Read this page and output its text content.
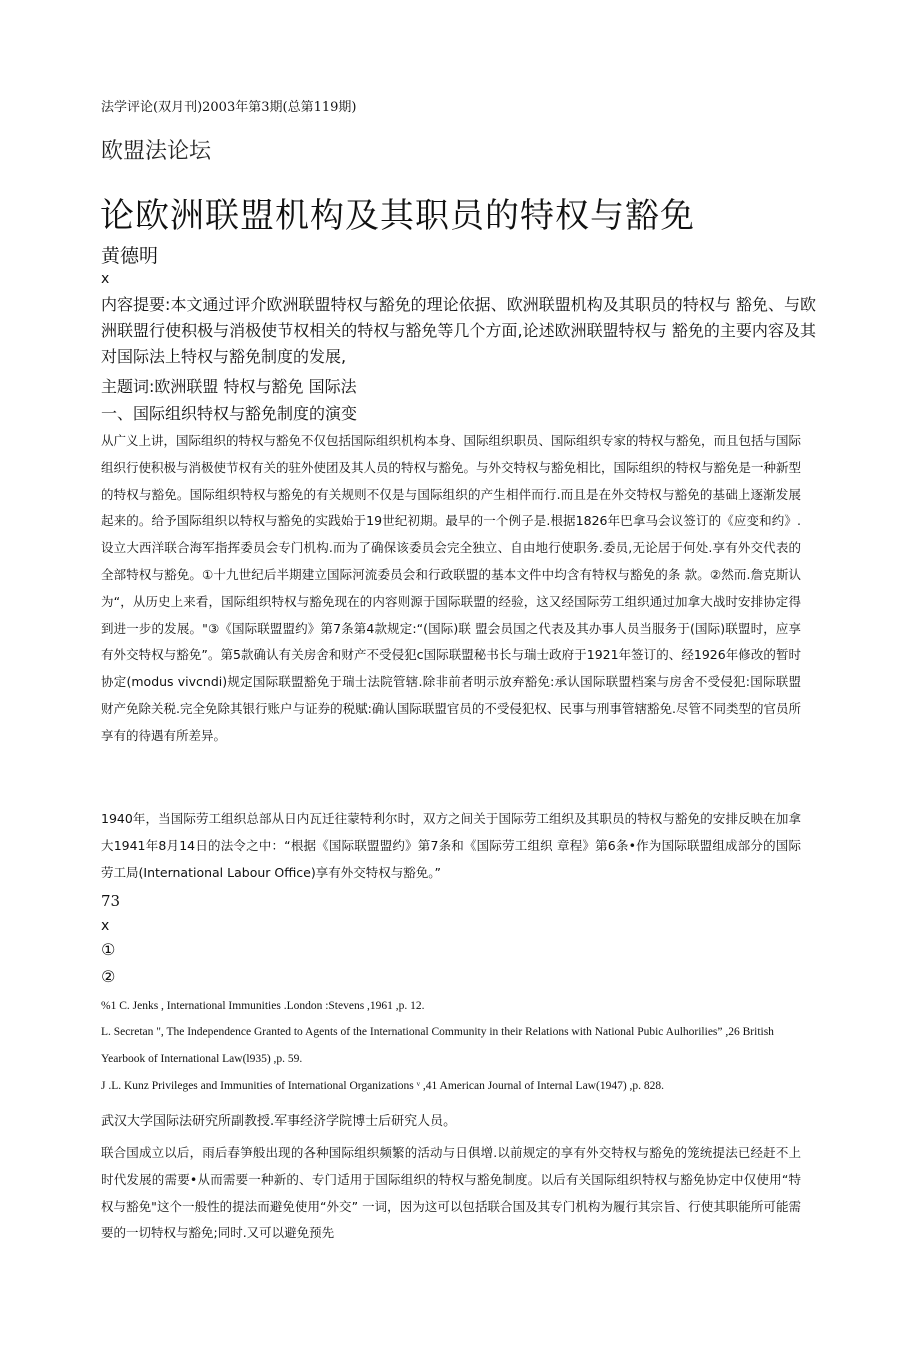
法学评论(双月刊)2003年第3期(总第119期)
欧盟法论坛
论欧洲联盟机构及其职员的特权与豁免
黄德明
x
内容提要:本文通过评介欧洲联盟特权与豁免的理论依据、欧洲联盟机构及其职员的特权与 豁免、与欧洲联盟行使积极与消极使节权相关的特权与豁免等几个方面,论述欧洲联盟特权与 豁免的主要内容及其对国际法上特权与豁免制度的发展,
主题词:欧洲联盟 特权与豁免 国际法
一、国际组织特权与豁免制度的演变
从广义上讲，国际组织的特权与豁免不仅包括国际组织机构本身、国际组织职员、国际组织专家的特权与豁免，而且包括与国际组织行使积极与消极使节权有关的驻外使团及其人员的特权与豁免。与外交特权与豁免相比，国际组织的特权与豁免是一种新型的特权与豁免。国际组织特权与豁免的有关规则不仅是与国际组织的产生相伴而行.而且是在外交特权与豁免的基础上逐渐发展起来的。给予国际组织以特权与豁免的实践始于19世纪初期。最早的一个例子是.根据1826年巴拿马会议签订的《应变和约》.设立大西洋联合海军指挥委员会专门机构.而为了确保该委员会完全独立、自由地行使职务.委员,无论居于何处.享有外交代表的全部特权与豁免。①十九世纪后半期建立国际河流委员会和行政联盟的基本文件中均含有特权与豁免的条 款。②然而.詹克斯认为“，从历史上来看，国际组织特权与豁免现在的内容则源于国际联盟的经验，这又经国际劳工组织通过加拿大战时安排协定得到进一步的发展。"③《国际联盟盟约》第7条第4款规定:“(国际)联 盟会员国之代表及其办事人员当服务于(国际)联盟时，应享有外交特权与豁免”。第5款确认有关房舍和财产不受侵犯c国际联盟秘书长与瑞士政府于1921年签订的、经1926年修改的暂时协定(modus vivcndi)规定国际联盟豁免于瑞士法院管辖.除非前者明示放弃豁免:承认国际联盟档案与房舍不受侵犯:国际联盟财产免除关税.完全免除其银行账户与证券的税赋:确认国际联盟官员的不受侵犯权、民事与刑事管辖豁免.尽管不同类型的官员所享有的待遇有所差异。
1940年，当国际劳工组织总部从日内瓦迁往蒙特利尔时，双方之间关于国际劳工组织及其职员的特权与豁免的安排反映在加拿大1941年8月14日的法令之中：“根据《国际联盟盟约》第7条和《国际劳工组织 章程》第6条•作为国际联盟组成部分的国际劳工局(International Labour Office)享有外交特权与豁免。”
73
x
①
②
%1 C. Jenks , International Immunities .London :Stevens ,1961 ,p. 12.
L. Secretan ", The Independence Granted to Agents of the International Community in their Relations with National Pubic Aulhorilies” ,26 British Yearbook of International Law(l935) ,p. 59.
J .L. Kunz Privileges and Immunities of International Organizations ᵛ ,41 American Journal of Internal Law(1947) ,p. 828.
武汉大学国际法研究所副教授.军事经济学院博士后研究人员。
联合国成立以后，雨后春笋般出现的各种国际组织频繁的活动与日俱增.以前规定的享有外交特权与豁免的笼统提法已经赶不上时代发展的需要•从而需要一种新的、专门适用于国际组织的特权与豁免制度。以后有关国际组织特权与豁免协定中仅使用“特权与豁免"这个一般性的提法而避免使用“外交” 一词，因为这可以包括联合国及其专门机构为履行其宗旨、行使其职能所可能需要的一切特权与豁免;同时.又可以避免预先
